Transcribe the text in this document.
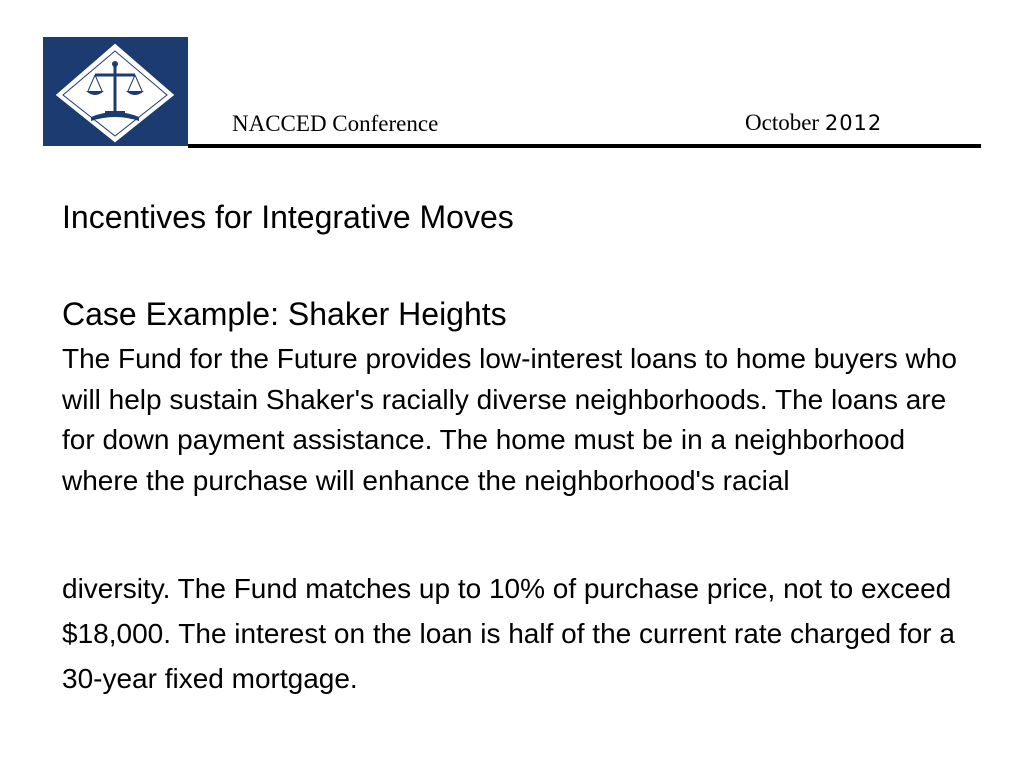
NACCED Conference	October 2012
Incentives for Integrative Moves
Case Example: Shaker Heights
The Fund for the Future provides low-interest loans to home buyers who will help sustain Shaker's racially diverse neighborhoods. The loans are for down payment assistance. The home must be in a neighborhood where the purchase will enhance the neighborhood's racial
diversity. The Fund matches up to 10% of purchase price, not to exceed $18,000. The interest on the loan is half of the current rate charged for a 30-year fixed mortgage.
